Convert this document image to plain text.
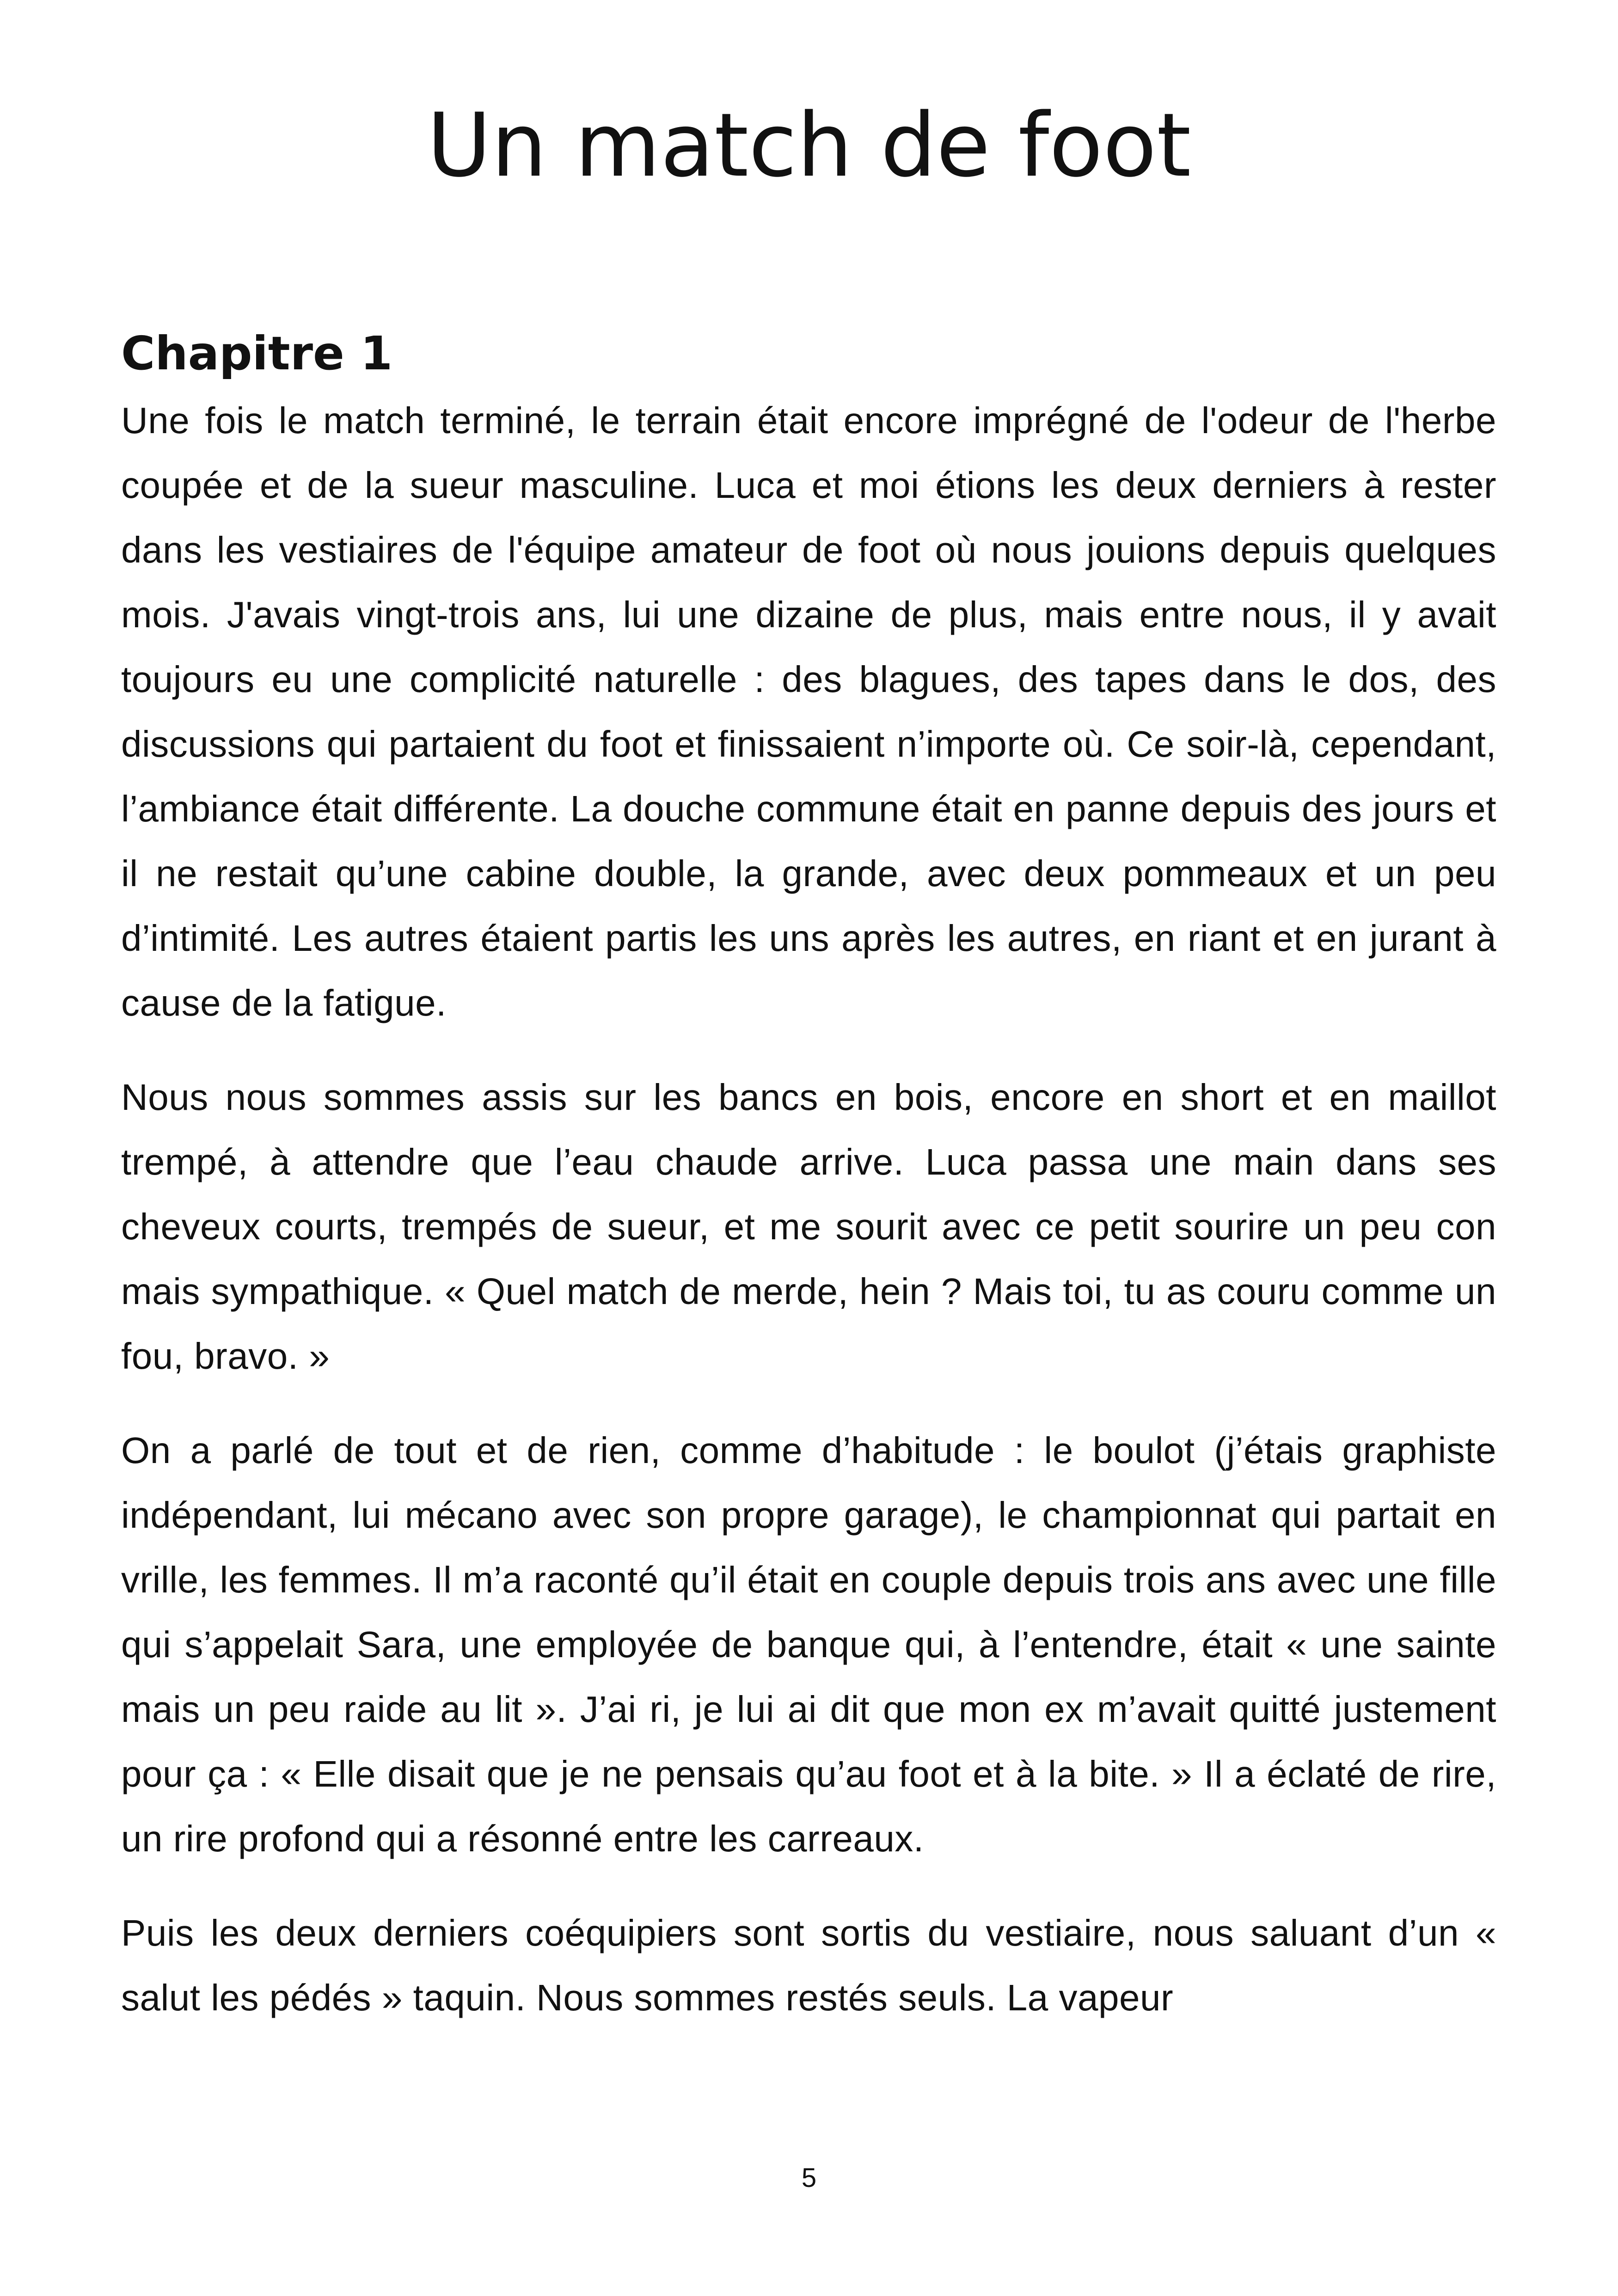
Un match de foot
Chapitre 1

Une fois le match terminé, le terrain était encore imprégné de l'odeur de l'herbe coupée et de la sueur masculine. Luca et moi étions les deux derniers à rester dans les vestiaires de l'équipe amateur de foot où nous jouions depuis quelques mois. J'avais vingt-trois ans, lui une dizaine de plus, mais entre nous, il y avait toujours eu une complicité naturelle : des blagues, des tapes dans le dos, des discussions qui partaient du foot et finissaient n’importe où. Ce soir-là, cependant, l’ambiance était différente. La douche commune était en panne depuis des jours et il ne restait qu’une cabine double, la grande, avec deux pommeaux et un peu d’intimité. Les autres étaient partis les uns après les autres, en riant et en jurant à cause de la fatigue.

Nous nous sommes assis sur les bancs en bois, encore en short et en maillot trempé, à attendre que l’eau chaude arrive. Luca passa une main dans ses cheveux courts, trempés de sueur, et me sourit avec ce petit sourire un peu con mais sympathique. « Quel match de merde, hein ? Mais toi, tu as couru comme un fou, bravo. »

On a parlé de tout et de rien, comme d’habitude : le boulot (j’étais graphiste indépendant, lui mécano avec son propre garage), le championnat qui partait en vrille, les femmes. Il m’a raconté qu’il était en couple depuis trois ans avec une fille qui s’appelait Sara, une employée de banque qui, à l’entendre, était « une sainte mais un peu raide au lit ». J’ai ri, je lui ai dit que mon ex m’avait quitté justement pour ça : « Elle disait que je ne pensais qu’au foot et à la bite. » Il a éclaté de rire, un rire profond qui a résonné entre les carreaux.

Puis les deux derniers coéquipiers sont sortis du vestiaire, nous saluant d’un « salut les pédés » taquin. Nous sommes restés seuls. La vapeur

5
